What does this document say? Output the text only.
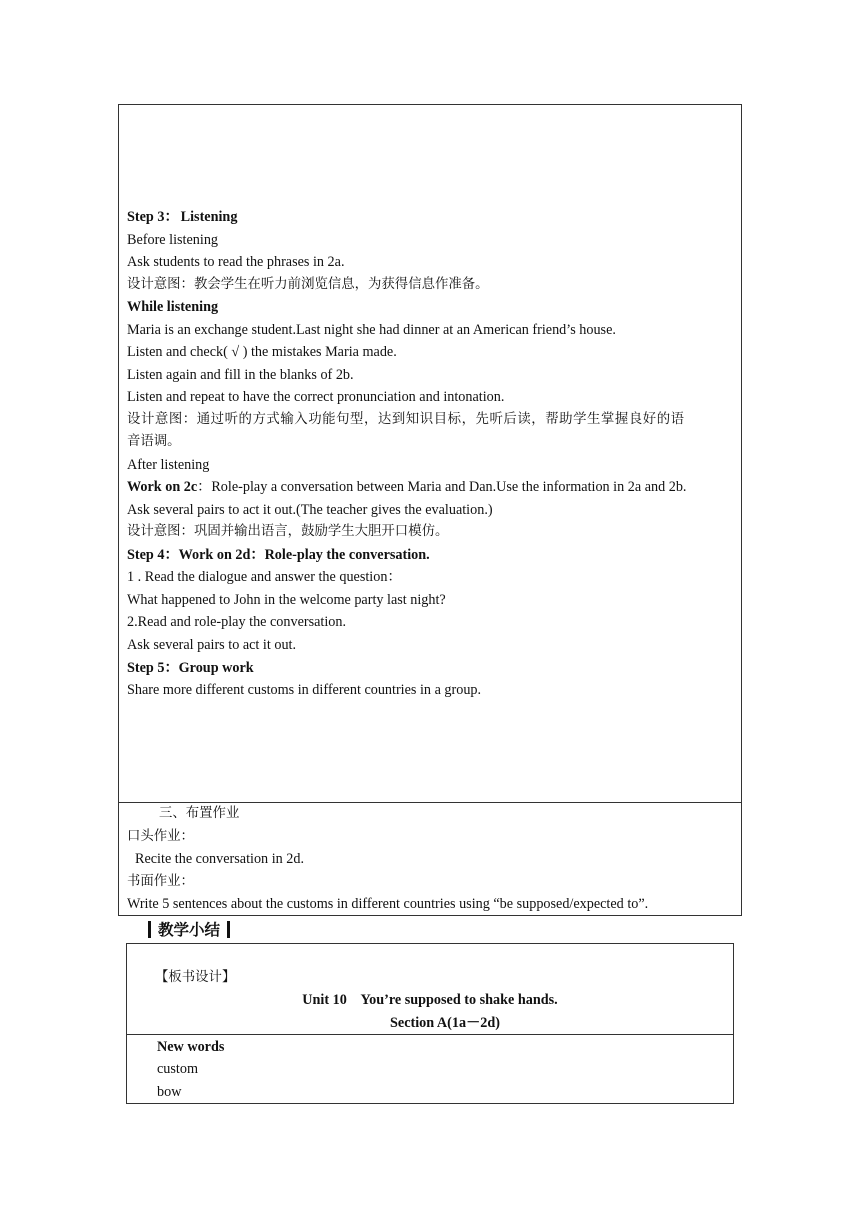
Step 3： Listening
Before listening
Ask students to read the phrases in 2a.
设计意图：教会学生在听力前浏览信息，为获得信息作准备。
While listening
Maria is an exchange student.Last night she had dinner at an American friend’s house.
Listen and check( √ ) the mistakes Maria made.
Listen again and fill in the blanks of 2b.
Listen and repeat to have the correct pronunciation and intonation.
设计意图：通过听的方式输入功能句型，达到知识目标，先听后读，帮助学生掌握良好的语
音语调。
After listening
Work on 2c：Role-play a conversation between Maria and Dan.Use the information in 2a and 2b.
Ask several pairs to act it out.(The teacher gives the evaluation.)
设计意图：巩固并输出语言，鼓励学生大胆开口模仿。
Step 4：Work on 2d：Role-play the conversation.
1 . Read the dialogue and answer the question：
What happened to John in the welcome party last night?
2.Read and role-play the conversation.
Ask several pairs to act it out.
Step 5：Group work
Share more different customs in different countries in a group.
三、布置作业
口头作业：
Recite the conversation in 2d.
书面作业：
Write 5 sentences about the customs in different countries using “be supposed/expected to”.
教学小结
【板书设计】
Unit 10    You’re supposed to shake hands.
Section A(1a－2d)
New words
custom
bow
